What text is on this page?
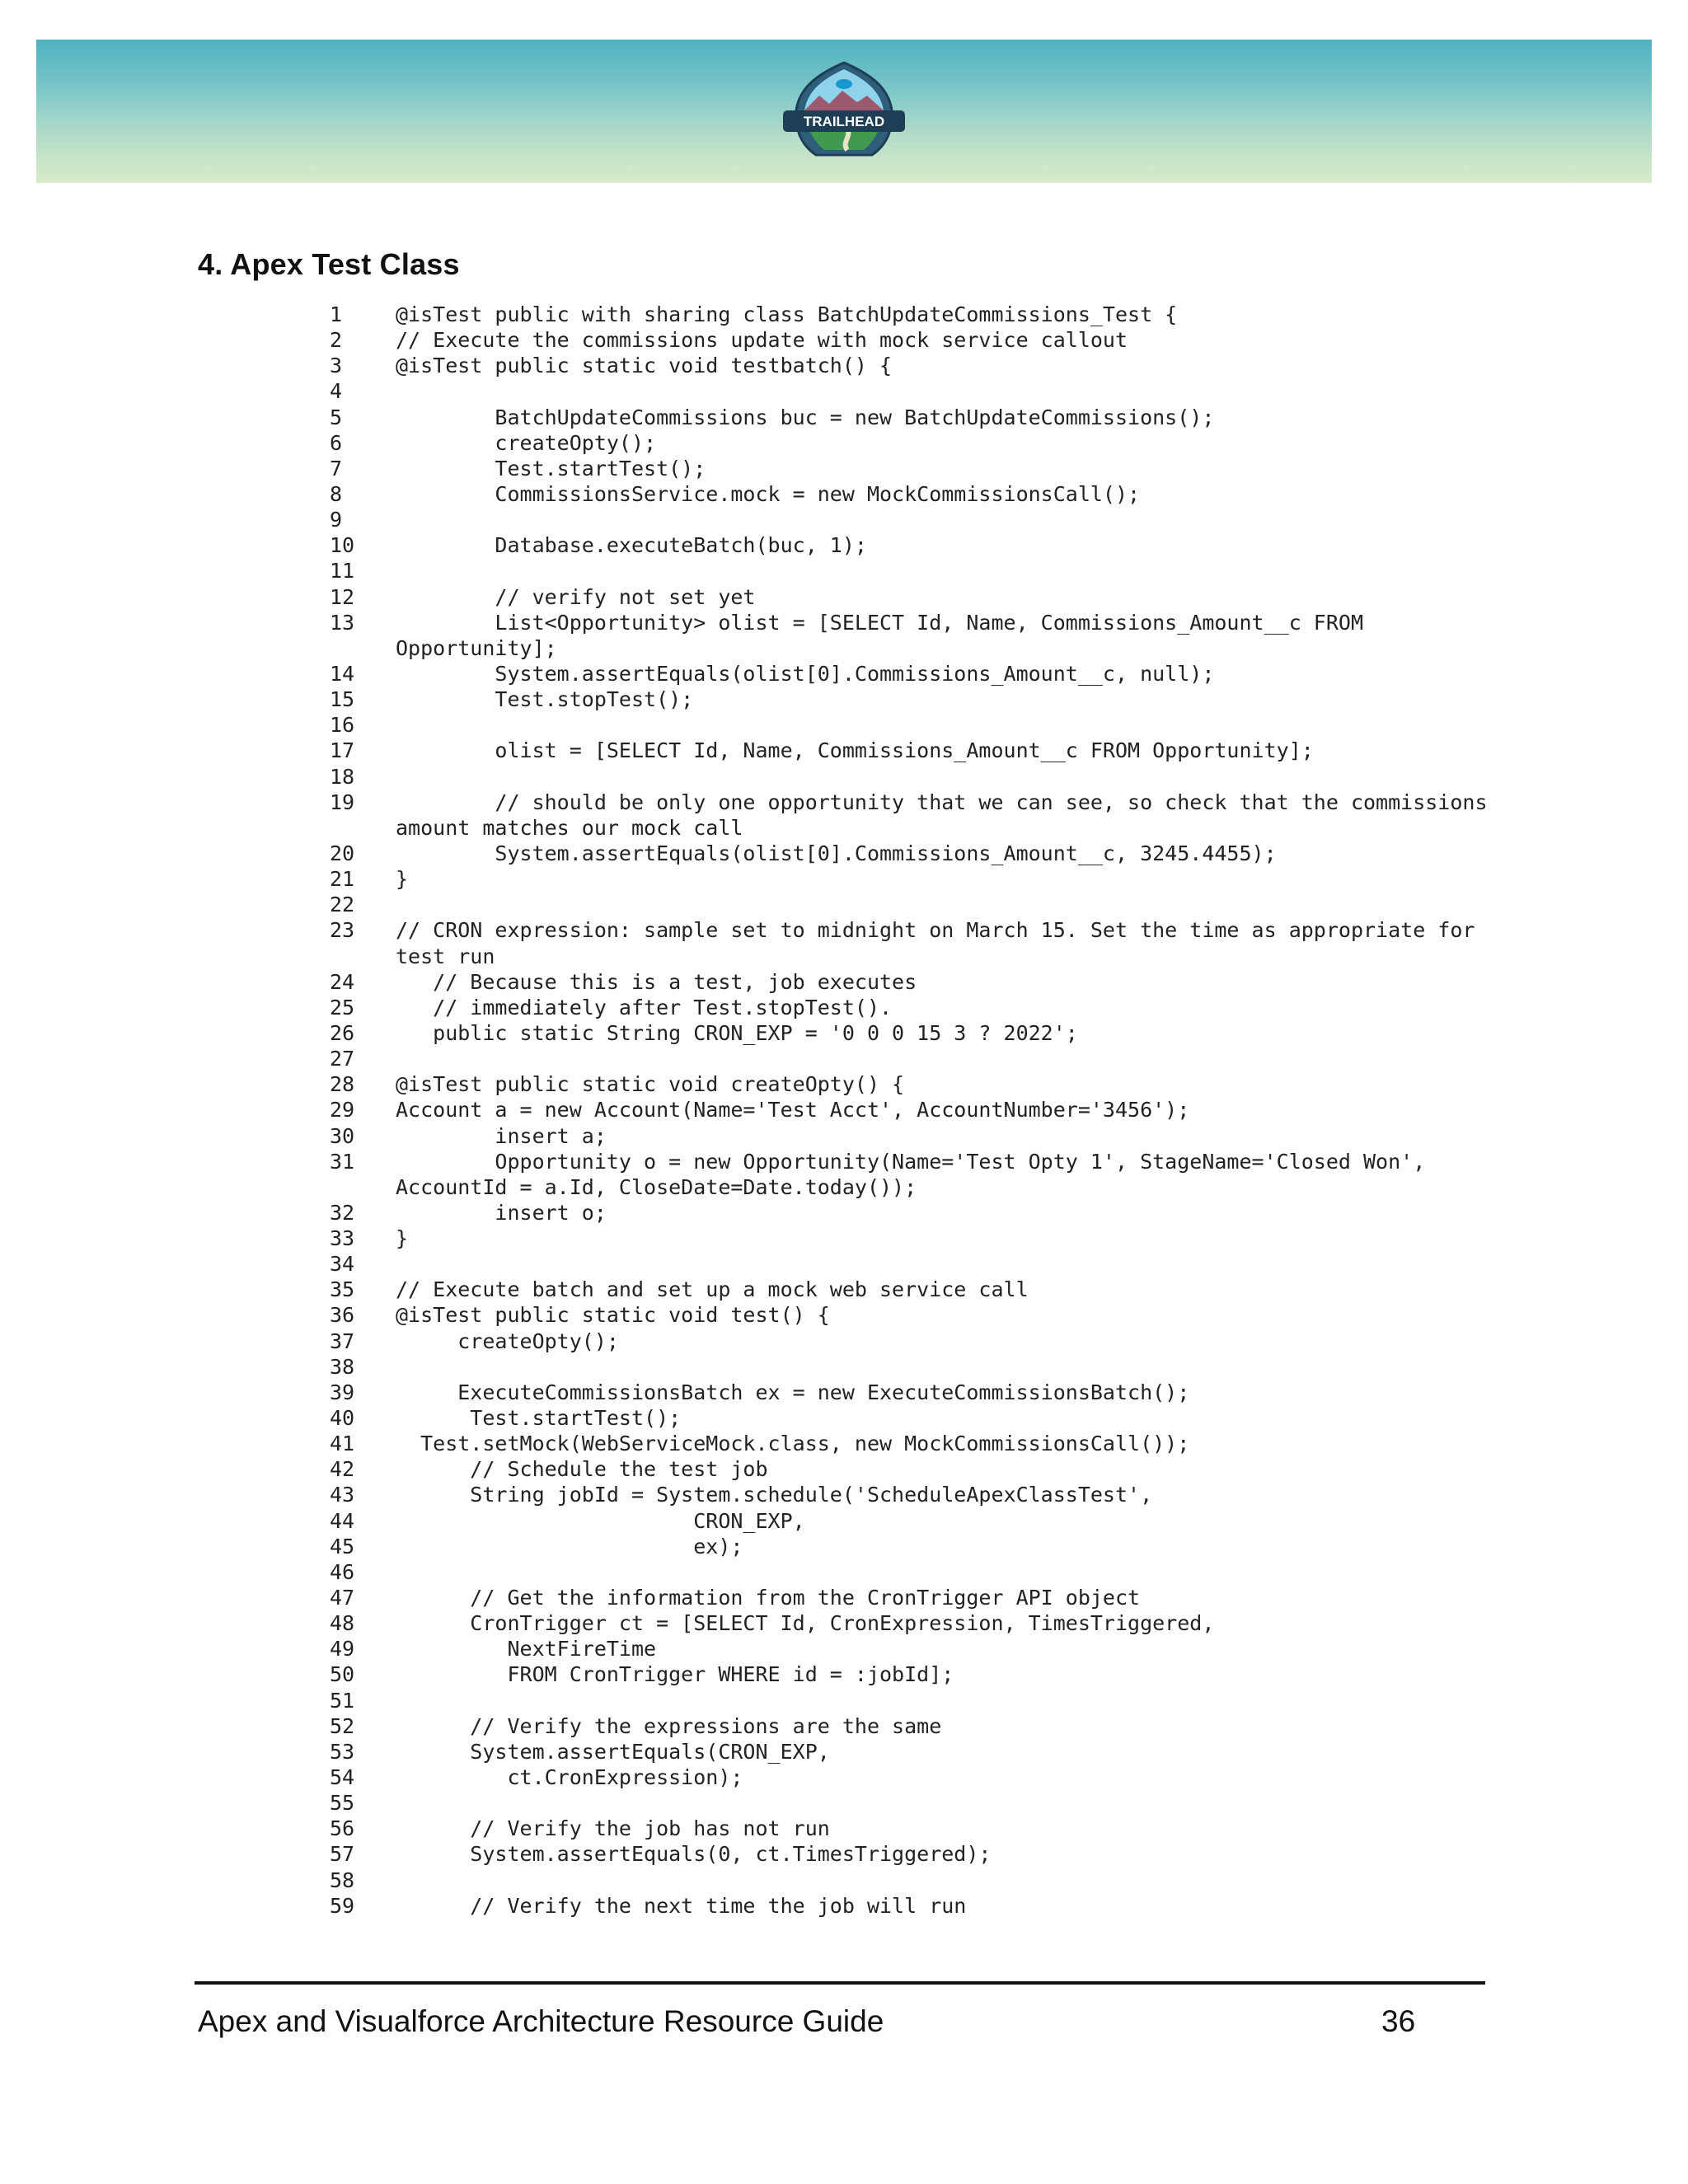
TRAILHEAD
4. Apex Test Class
1	@isTest public with sharing class BatchUpdateCommissions_Test {
2	// Execute the commissions update with mock service callout
3	@isTest public static void testbatch() {
4
5	BatchUpdateCommissions buc = new BatchUpdateCommissions();
6	createOpty();
7	Test.startTest();
8	CommissionsService.mock = new MockCommissionsCall();
9
10	Database.executeBatch(buc, 1);
11
12	// verify not set yet
13	List<Opportunity> olist = [SELECT Id, Name, Commissions_Amount__c FROM
Opportunity];
14	System.assertEquals(olist[0].Commissions_Amount__c, null);
15	Test.stopTest();
16
17	olist = [SELECT Id, Name, Commissions_Amount__c FROM Opportunity];
18
19	// should be only one opportunity that we can see, so check that the commissions
amount matches our mock call
20	System.assertEquals(olist[0].Commissions_Amount__c, 3245.4455);
21	}
22
23	// CRON expression: sample set to midnight on March 15. Set the time as appropriate for
test run
24	// Because this is a test, job executes
25	// immediately after Test.stopTest().
26	public static String CRON_EXP = '0 0 0 15 3 ? 2022';
27
28	@isTest public static void createOpty() {
29	Account a = new Account(Name='Test Acct', AccountNumber='3456');
30	insert a;
31	Opportunity o = new Opportunity(Name='Test Opty 1', StageName='Closed Won',
AccountId = a.Id, CloseDate=Date.today());
32	insert o;
33	}
34
35	// Execute batch and set up a mock web service call
36	@isTest public static void test() {
37	createOpty();
38
39	ExecuteCommissionsBatch ex = new ExecuteCommissionsBatch();
40	Test.startTest();
41	Test.setMock(WebServiceMock.class, new MockCommissionsCall());
42	// Schedule the test job
43	String jobId = System.schedule('ScheduleApexClassTest',
44	CRON_EXP,
45	ex);
46
47	// Get the information from the CronTrigger API object
48	CronTrigger ct = [SELECT Id, CronExpression, TimesTriggered,
49	NextFireTime
50	FROM CronTrigger WHERE id = :jobId];
51
52	// Verify the expressions are the same
53	System.assertEquals(CRON_EXP,
54	ct.CronExpression);
55
56	// Verify the job has not run
57	System.assertEquals(0, ct.TimesTriggered);
58
59	// Verify the next time the job will run
Apex and Visualforce Architecture Resource Guide	36
